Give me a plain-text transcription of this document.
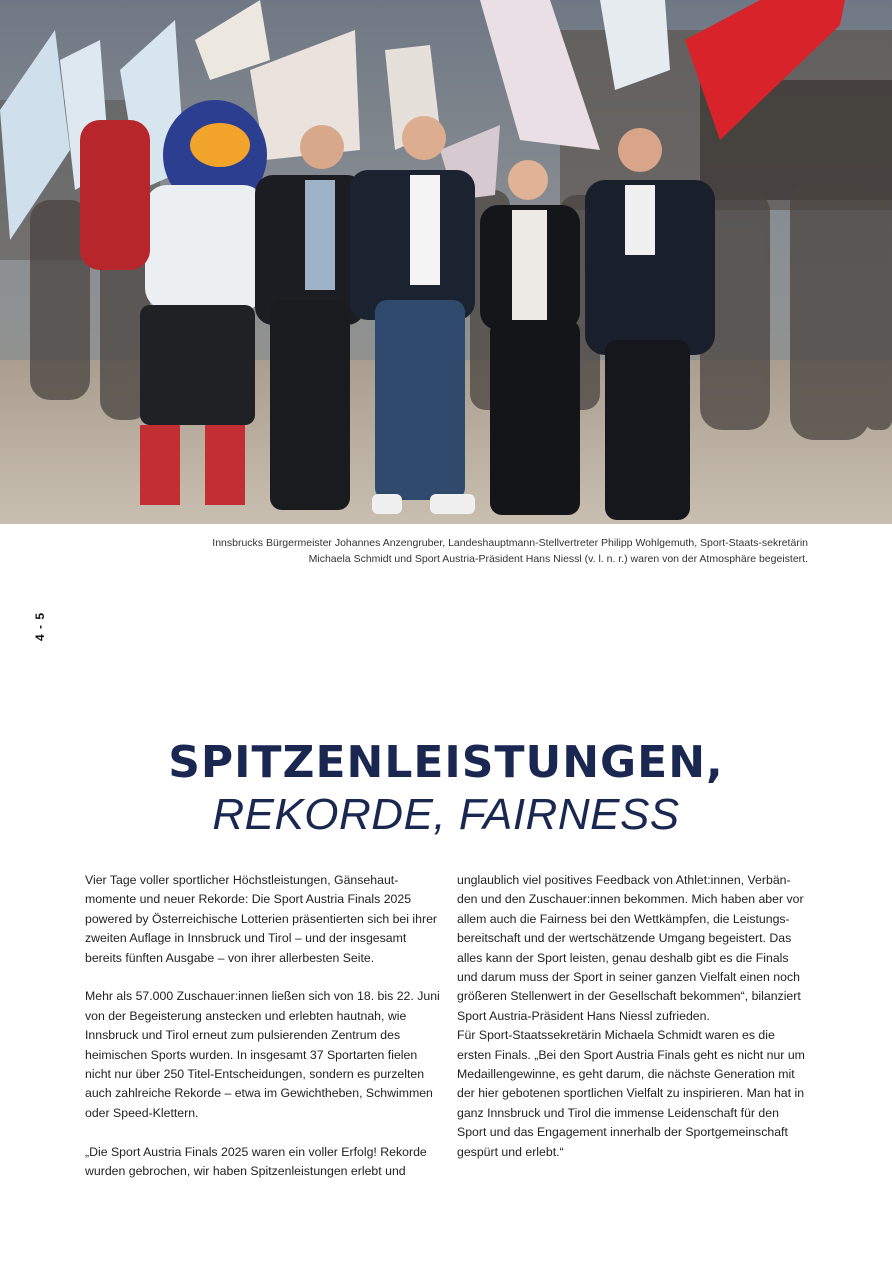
Innsbrucks Bürgermeister Johannes Anzengruber, Landeshauptmann-Stellvertreter Philipp Wohlgemuth, Sport-Staats-sekretärin Michaela Schmidt und Sport Austria-Präsident Hans Niessl (v. l. n. r.) waren von der Atmosphäre begeistert.
4 - 5
SPITZENLEISTUNGEN,
REKORDE, FAIRNESS

Vier Tage voller sportlicher Höchstleistungen, Gänsehaut-momente und neuer Rekorde: Die Sport Austria Finals 2025 powered by Österreichische Lotterien präsentierten sich bei ihrer zweiten Auflage in Innsbruck und Tirol – und der insgesamt bereits fünften Ausgabe – von ihrer allerbesten Seite.

Mehr als 57.000 Zuschauer:innen ließen sich von 18. bis 22. Juni von der Begeisterung anstecken und erlebten hautnah, wie Innsbruck und Tirol erneut zum pulsierenden Zentrum des heimischen Sports wurden. In insgesamt 37 Sportarten fielen nicht nur über 250 Titel-Entscheidungen, sondern es purzelten auch zahlreiche Rekorde – etwa im Gewichtheben, Schwimmen oder Speed-Klettern.

„Die Sport Austria Finals 2025 waren ein voller Erfolg! Rekorde wurden gebrochen, wir haben Spitzenleistungen erlebt und

unglaublich viel positives Feedback von Athlet:innen, Verbän-den und den Zuschauer:innen bekommen. Mich haben aber vor allem auch die Fairness bei den Wettkämpfen, die Leistungs-bereitschaft und der wertschätzende Umgang begeistert. Das alles kann der Sport leisten, genau deshalb gibt es die Finals und darum muss der Sport in seiner ganzen Vielfalt einen noch größeren Stellenwert in der Gesellschaft bekommen“, bilanziert Sport Austria-Präsident Hans Niessl zufrieden.

Für Sport-Staatssekretärin Michaela Schmidt waren es die ersten Finals. „Bei den Sport Austria Finals geht es nicht nur um Medaillengewinne, es geht darum, die nächste Generation mit der hier gebotenen sportlichen Vielfalt zu inspirieren. Man hat in ganz Innsbruck und Tirol die immense Leidenschaft für den Sport und das Engagement innerhalb der Sportgemeinschaft gespürt und erlebt.“
